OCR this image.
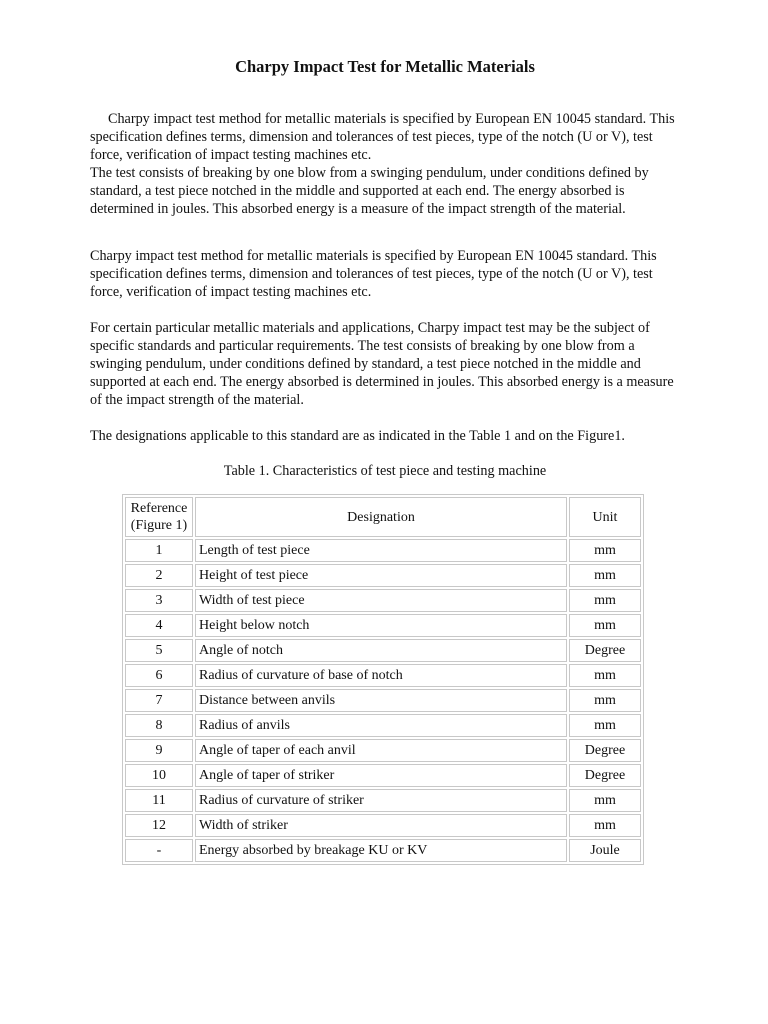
Charpy Impact Test for Metallic Materials

Charpy impact test method for metallic materials is specified by European EN 10045 standard. This specification defines terms, dimension and tolerances of test pieces, type of the notch (U or V), test force, verification of impact testing machines etc.

The test consists of breaking by one blow from a swinging pendulum, under conditions defined by standard, a test piece notched in the middle and supported at each end. The energy absorbed is determined in joules. This absorbed energy is a measure of the impact strength of the material.

Charpy impact test method for metallic materials is specified by European EN 10045 standard. This specification defines terms, dimension and tolerances of test pieces, type of the notch (U or V), test force, verification of impact testing machines etc.

For certain particular metallic materials and applications, Charpy impact test may be the subject of specific standards and particular requirements. The test consists of breaking by one blow from a swinging pendulum, under conditions defined by standard, a test piece notched in the middle and supported at each end. The energy absorbed is determined in joules. This absorbed energy is a measure of the impact strength of the material.

The designations applicable to this standard are as indicated in the Table 1 and on the Figure1.

Table 1. Characteristics of test piece and testing machine

Reference (Figure 1)	Designation	Unit
1	Length of test piece	mm
2	Height of test piece	mm
3	Width of test piece	mm
4	Height below notch	mm
5	Angle of notch	Degree
6	Radius of curvature of base of notch	mm
7	Distance between anvils	mm
8	Radius of anvils	mm
9	Angle of taper of each anvil	Degree
10	Angle of taper of striker	Degree
11	Radius of curvature of striker	mm
12	Width of striker	mm
-	Energy absorbed by breakage KU or KV	Joule
